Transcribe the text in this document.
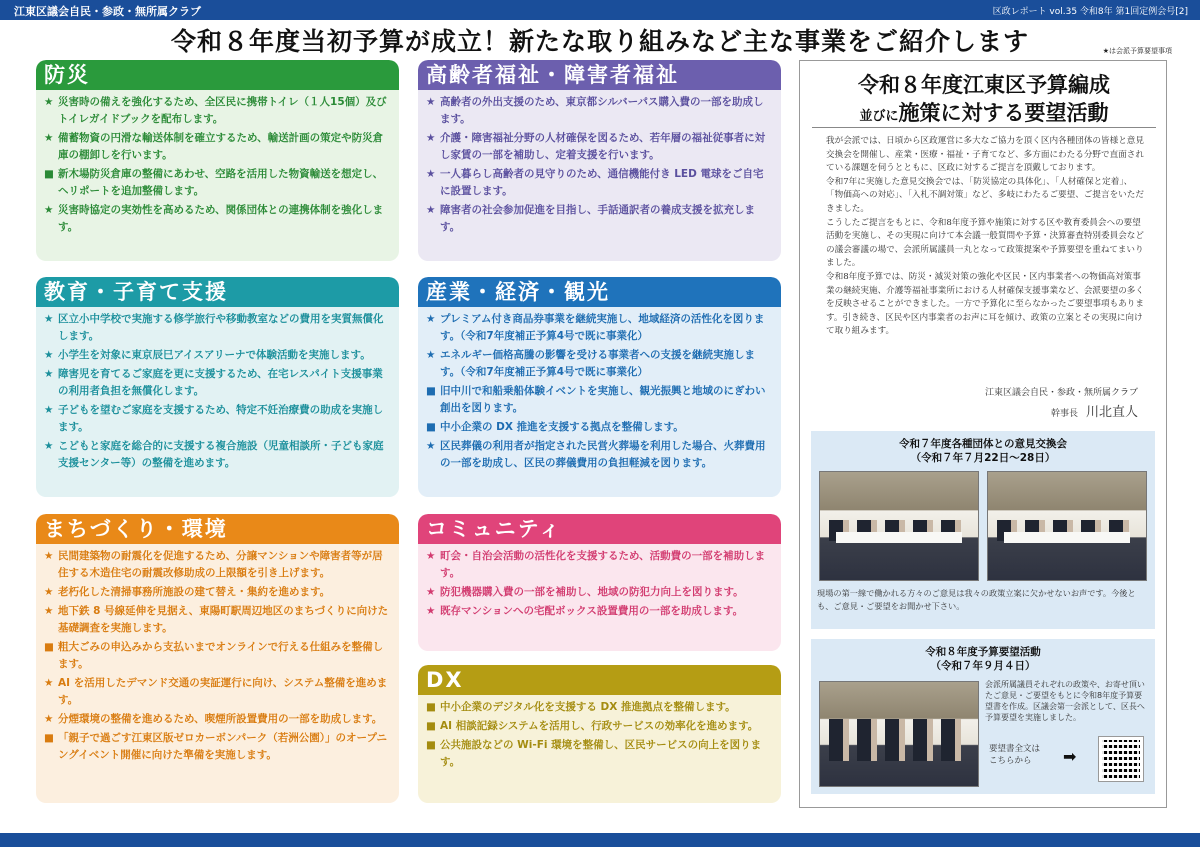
江東区議会自民・参政・無所属クラブ	区政レポート vol.35 令和8年 第1回定例会号[2]
令和８年度当初予算が成立！新たな取り組みなど主な事業をご紹介します	★は会派予算要望事項
防災
★ 災害時の備えを強化するため、全区民に携帯トイレ（１人15個）及びトイレガイドブックを配布します。
★ 備蓄物資の円滑な輸送体制を確立するため、輸送計画の策定や防災倉庫の棚卸しを行います。
■ 新木場防災倉庫の整備にあわせ、空路を活用した物資輸送を想定し、ヘリポートを追加整備します。
★ 災害時協定の実効性を高めるため、関係団体との連携体制を強化します。
高齢者福祉・障害者福祉
★ 高齢者の外出支援のため、東京都シルバーパス購入費の一部を助成します。
★ 介護・障害福祉分野の人材確保を図るため、若年層の福祉従事者に対し家賃の一部を補助し、定着支援を行います。
★ 一人暮らし高齢者の見守りのため、通信機能付き LED 電球をご自宅に設置します。
★ 障害者の社会参加促進を目指し、手話通訳者の養成支援を拡充します。
教育・子育て支援
★ 区立小中学校で実施する修学旅行や移動教室などの費用を実質無償化します。
★ 小学生を対象に東京辰巳アイスアリーナで体験活動を実施します。
★ 障害児を育てるご家庭を更に支援するため、在宅レスパイト支援事業の利用者負担を無償化します。
★ 子どもを望むご家庭を支援するため、特定不妊治療費の助成を実施します。
★ こどもと家庭を総合的に支援する複合施設（児童相談所・子ども家庭支援センター等）の整備を進めます。
産業・経済・観光
★ プレミアム付き商品券事業を継続実施し、地域経済の活性化を図ります。（令和7年度補正予算4号で既に事業化）
★ エネルギー価格高騰の影響を受ける事業者への支援を継続実施します。（令和7年度補正予算4号で既に事業化）
■ 旧中川で和船乗船体験イベントを実施し、観光振興と地域のにぎわい創出を図ります。
■ 中小企業の DX 推進を支援する拠点を整備します。
★ 区民葬儀の利用者が指定された民営火葬場を利用した場合、火葬費用の一部を助成し、区民の葬儀費用の負担軽減を図ります。
まちづくり・環境
★ 民間建築物の耐震化を促進するため、分譲マンションや障害者等が居住する木造住宅の耐震改修助成の上限額を引き上げます。
★ 老朽化した清掃事務所施設の建て替え・集約を進めます。
★ 地下鉄 8 号線延伸を見据え、東陽町駅周辺地区のまちづくりに向けた基礎調査を実施します。
■ 粗大ごみの申込みから支払いまでオンラインで行える仕組みを整備します。
★ AI を活用したデマンド交通の実証運行に向け、システム整備を進めます。
★ 分煙環境の整備を進めるため、喫煙所設置費用の一部を助成します。
■ 「親子で過ごす江東区版ゼロカーボンパーク（若洲公園）」のオープニングイベント開催に向けた準備を実施します。
コミュニティ
★ 町会・自治会活動の活性化を支援するため、活動費の一部を補助します。
★ 防犯機器購入費の一部を補助し、地域の防犯力向上を図ります。
★ 既存マンションへの宅配ボックス設置費用の一部を助成します。
DX
■ 中小企業のデジタル化を支援する DX 推進拠点を整備します。
■ AI 相談記録システムを活用し、行政サービスの効率化を進めます。
■ 公共施設などの Wi-Fi 環境を整備し、区民サービスの向上を図ります。
令和８年度江東区予算編成
並びに施策に対する要望活動

我が会派では、日頃から区政運営に多大なご協力を頂く区内各種団体の皆様と意見交換会を開催し、産業・医療・福祉・子育てなど、多方面にわたる分野で直面されている課題を伺うとともに、区政に対するご提言を頂戴しております。

令和7年に実施した意見交換会では、「防災協定の具体化」、「人材確保と定着」、「物価高への対応」、「入札不調対策」など、多岐にわたるご要望、ご提言をいただきました。

こうしたご提言をもとに、令和8年度予算や施策に対する区や教育委員会への要望活動を実施し、その実現に向けて本会議一般質問や予算・決算審査特別委員会などの議会審議の場で、会派所属議員一丸となって政策提案や予算要望を重ねてまいりました。

令和8年度予算では、防災・減災対策の強化や区民・区内事業者への物価高対策事業の継続実施、介護等福祉事業所における人材確保支援事業など、会派要望の多くを反映させることができました。一方で予算化に至らなかったご要望事項もあります。引き続き、区民や区内事業者のお声に耳を傾け、政策の立案とその実現に向けて取り組みます。

江東区議会自民・参政・無所属クラブ
幹事長 川北直人
令和７年度各種団体との意見交換会
（令和７年７月22日～28日）
現場の第一線で働かれる方々のご意見は我々の政策立案に欠かせないお声です。今後とも、ご意見・ご要望をお聞かせ下さい。
令和８年度予算要望活動
（令和７年９月４日）
会派所属議員それぞれの政策や、お寄せ頂いたご意見・ご要望をもとに令和8年度予算要望書を作成。区議会第一会派として、区長へ予算要望を実施しました。
要望書全文は
こちらから	➡
